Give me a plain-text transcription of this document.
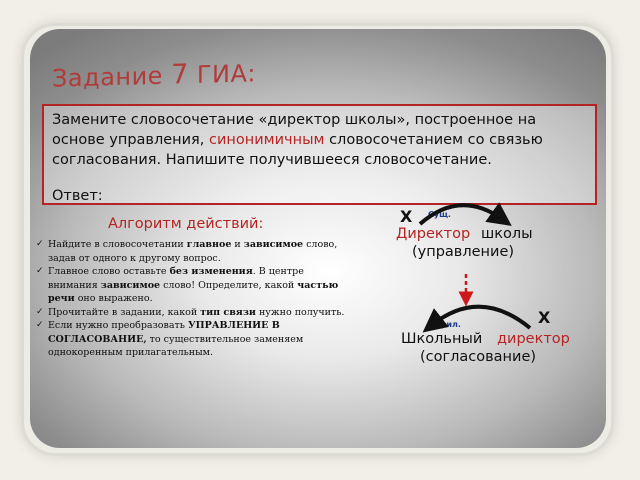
Задание 7 ГИА:
Замените словосочетание «директор школы», построенное на основе управления, синонимичным словосочетанием со связью согласования. Напишите получившееся словосочетание.
Ответ:
Алгоритм действий:
✓ Найдите в словосочетании главное и зависимое слово, задав от одного к другому вопрос.
✓ Главное слово оставьте без изменения. В центре внимания зависимое слово! Определите, какой частью речи оно выражено.
✓ Прочитайте в задании, какой тип связи нужно получить.
✓ Если нужно преобразовать УПРАВЛЕНИЕ В СОГЛАСОВАНИЕ, то существительное заменяем однокоренным прилагательным.
Сущ.
X
Директор школы
(управление)
Прил.	X
Школьный директор
(согласование)
